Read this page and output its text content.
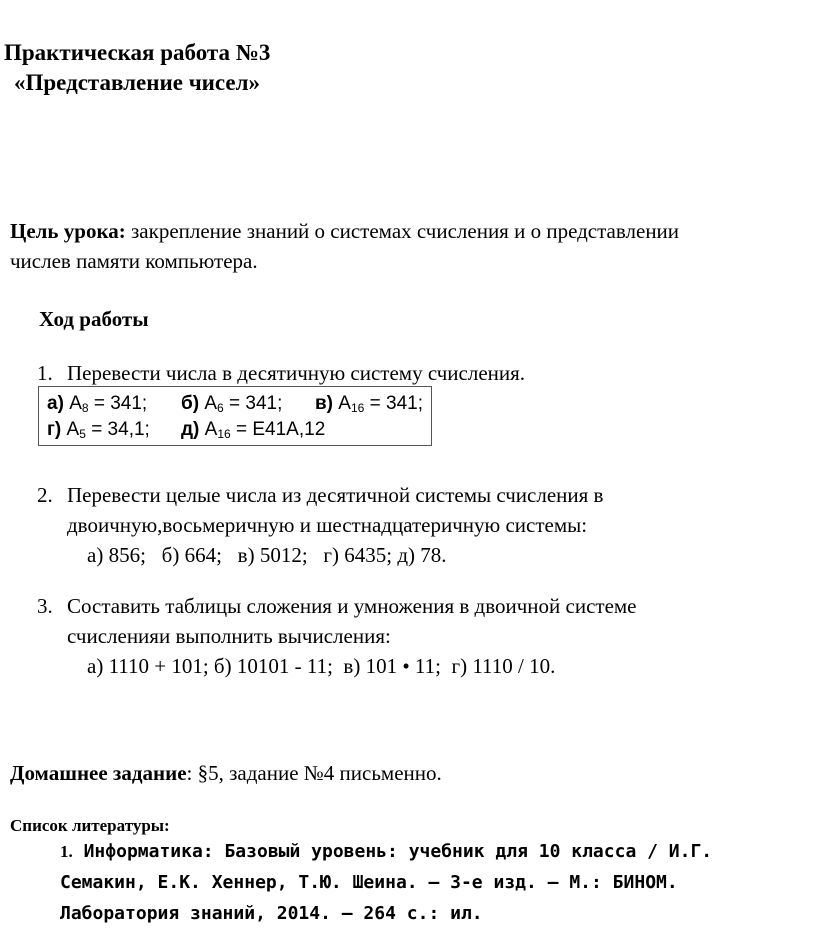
Практическая работа №3
«Представление чисел»
Цель урока: закрепление знаний о системах счисления и о представлении
числев памяти компьютера.
Ход работы
1. Перевести числа в десятичную систему счисления.
а) $A_8 = 341$; б) $A_6 = 341$; в) $A_{16} = 341$;
г) $A_5 = 34,1$; д) $A_{16} = E41A,12$
2. Перевести целые числа из десятичной системы счисления в
двоичную,восьмеричную и шестнадцатеричную системы:
а) 856;   б) 664;   в) 5012;   г) 6435; д) 78.
3. Составить таблицы сложения и умножения в двоичной системе
счисленияи выполнить вычисления:
а) 1110 + 101; б) 10101 - 11;  в) 101 • 11;  г) 1110 / 10.
Домашнее задание: §5, задание №4 письменно.
Список литературы:
1. Информатика: Базовый уровень: учебник для 10 класса / И.Г.
Семакин, Е.К. Хеннер, Т.Ю. Шеина. – 3-е изд. – М.: БИНОМ.
Лаборатория знаний, 2014. – 264 с.: ил.
